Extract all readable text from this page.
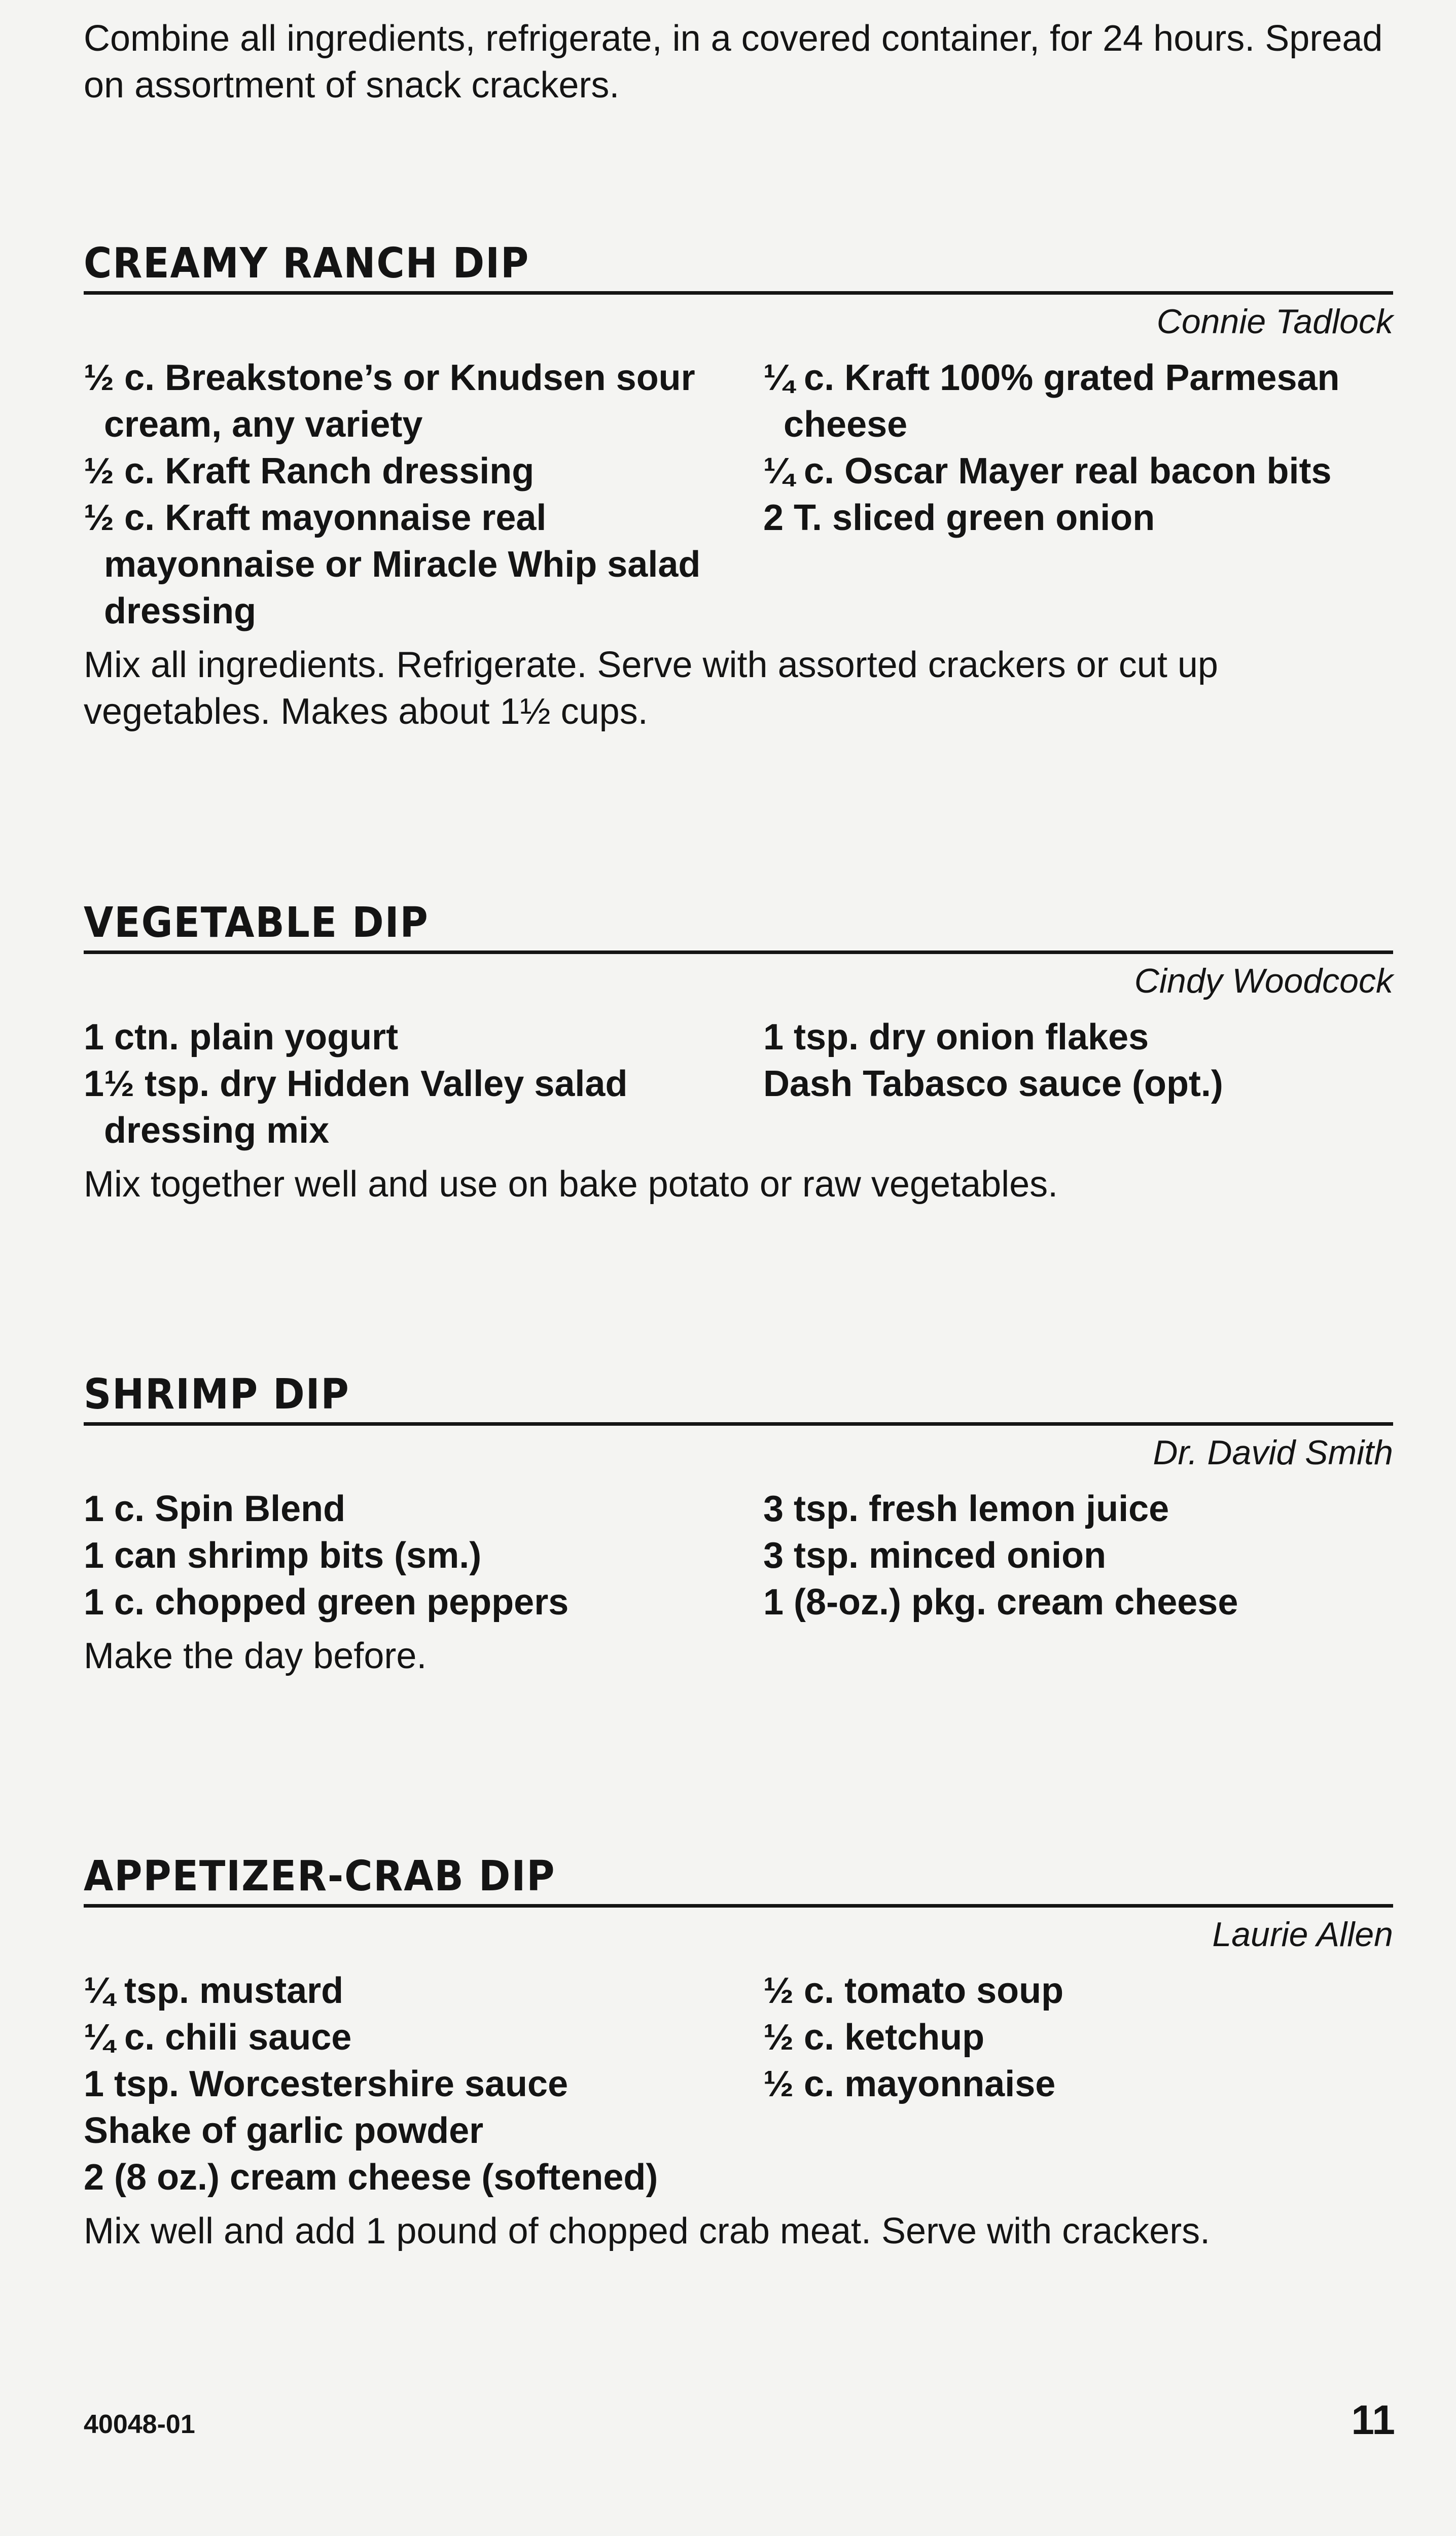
Combine all ingredients, refrigerate, in a covered container, for 24 hours. Spread on assortment of snack crackers.

CREAMY RANCH DIP
Connie Tadlock
½ c. Breakstone’s or Knudsen sour cream, any variety
½ c. Kraft Ranch dressing
½ c. Kraft mayonnaise real mayonnaise or Miracle Whip salad dressing
¼ c. Kraft 100% grated Parmesan cheese
¼ c. Oscar Mayer real bacon bits
2 T. sliced green onion

Mix all ingredients. Refrigerate. Serve with assorted crackers or cut up vegetables. Makes about 1½ cups.

VEGETABLE DIP
Cindy Woodcock
1 ctn. plain yogurt
1½ tsp. dry Hidden Valley salad dressing mix
1 tsp. dry onion flakes
Dash Tabasco sauce (opt.)

Mix together well and use on bake potato or raw vegetables.

SHRIMP DIP
Dr. David Smith
1 c. Spin Blend
1 can shrimp bits (sm.)
1 c. chopped green peppers
3 tsp. fresh lemon juice
3 tsp. minced onion
1 (8-oz.) pkg. cream cheese

Make the day before.

APPETIZER-CRAB DIP
Laurie Allen
¼ tsp. mustard
¼ c. chili sauce
1 tsp. Worcestershire sauce
Shake of garlic powder
2 (8 oz.) cream cheese (softened)
½ c. tomato soup
½ c. ketchup
½ c. mayonnaise

Mix well and add 1 pound of chopped crab meat. Serve with crackers.

40048-01	11
